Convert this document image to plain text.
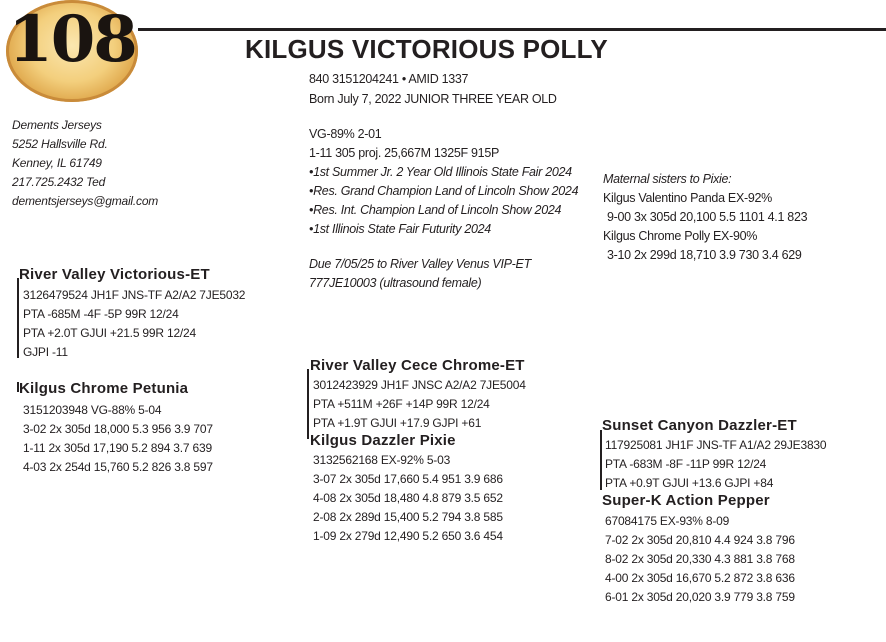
108	KILGUS VICTORIOUS POLLY
840 3151204241 • AMID 1337
Born July 7, 2022 JUNIOR THREE YEAR OLD
Dements Jerseys
5252 Hallsville Rd.
Kenney, IL 61749
217.725.2432 Ted
dementsjerseys@gmail.com
VG-89% 2-01
1-11 305 proj. 25,667M 1325F 915P
•1st Summer Jr. 2 Year Old Illinois State Fair 2024
•Res. Grand Champion Land of Lincoln Show 2024
•Res. Int. Champion Land of Lincoln Show 2024
•1st Illinois State Fair Futurity 2024
Due 7/05/25 to River Valley Venus VIP-ET
777JE10003 (ultrasound female)
Maternal sisters to Pixie:
Kilgus Valentino Panda EX-92%
9-00 3x 305d 20,100 5.5 1101 4.1 823
Kilgus Chrome Polly EX-90%
3-10 2x 299d 18,710 3.9 730 3.4 629
River Valley Victorious-ET
3126479524 JH1F JNS-TF A2/A2 7JE5032
PTA -685M -4F -5P 99R 12/24
PTA +2.0T GJUI +21.5 99R 12/24
GJPI -11
Kilgus Chrome Petunia
3151203948 VG-88% 5-04
3-02 2x 305d 18,000 5.3 956 3.9 707
1-11 2x 305d 17,190 5.2 894 3.7 639
4-03 2x 254d 15,760 5.2 826 3.8 597
River Valley Cece Chrome-ET
3012423929 JH1F JNSC A2/A2 7JE5004
PTA +511M +26F +14P 99R 12/24
PTA +1.9T GJUI +17.9 GJPI +61
Kilgus Dazzler Pixie
3132562168 EX-92% 5-03
3-07 2x 305d 17,660 5.4 951 3.9 686
4-08 2x 305d 18,480 4.8 879 3.5 652
2-08 2x 289d 15,400 5.2 794 3.8 585
1-09 2x 279d 12,490 5.2 650 3.6 454
Sunset Canyon Dazzler-ET
117925081 JH1F JNS-TF A1/A2 29JE3830
PTA -683M -8F -11P 99R 12/24
PTA +0.9T GJUI +13.6 GJPI +84
Super-K Action Pepper
67084175 EX-93% 8-09
7-02 2x 305d 20,810 4.4 924 3.8 796
8-02 2x 305d 20,330 4.3 881 3.8 768
4-00 2x 305d 16,670 5.2 872 3.8 636
6-01 2x 305d 20,020 3.9 779 3.8 759
